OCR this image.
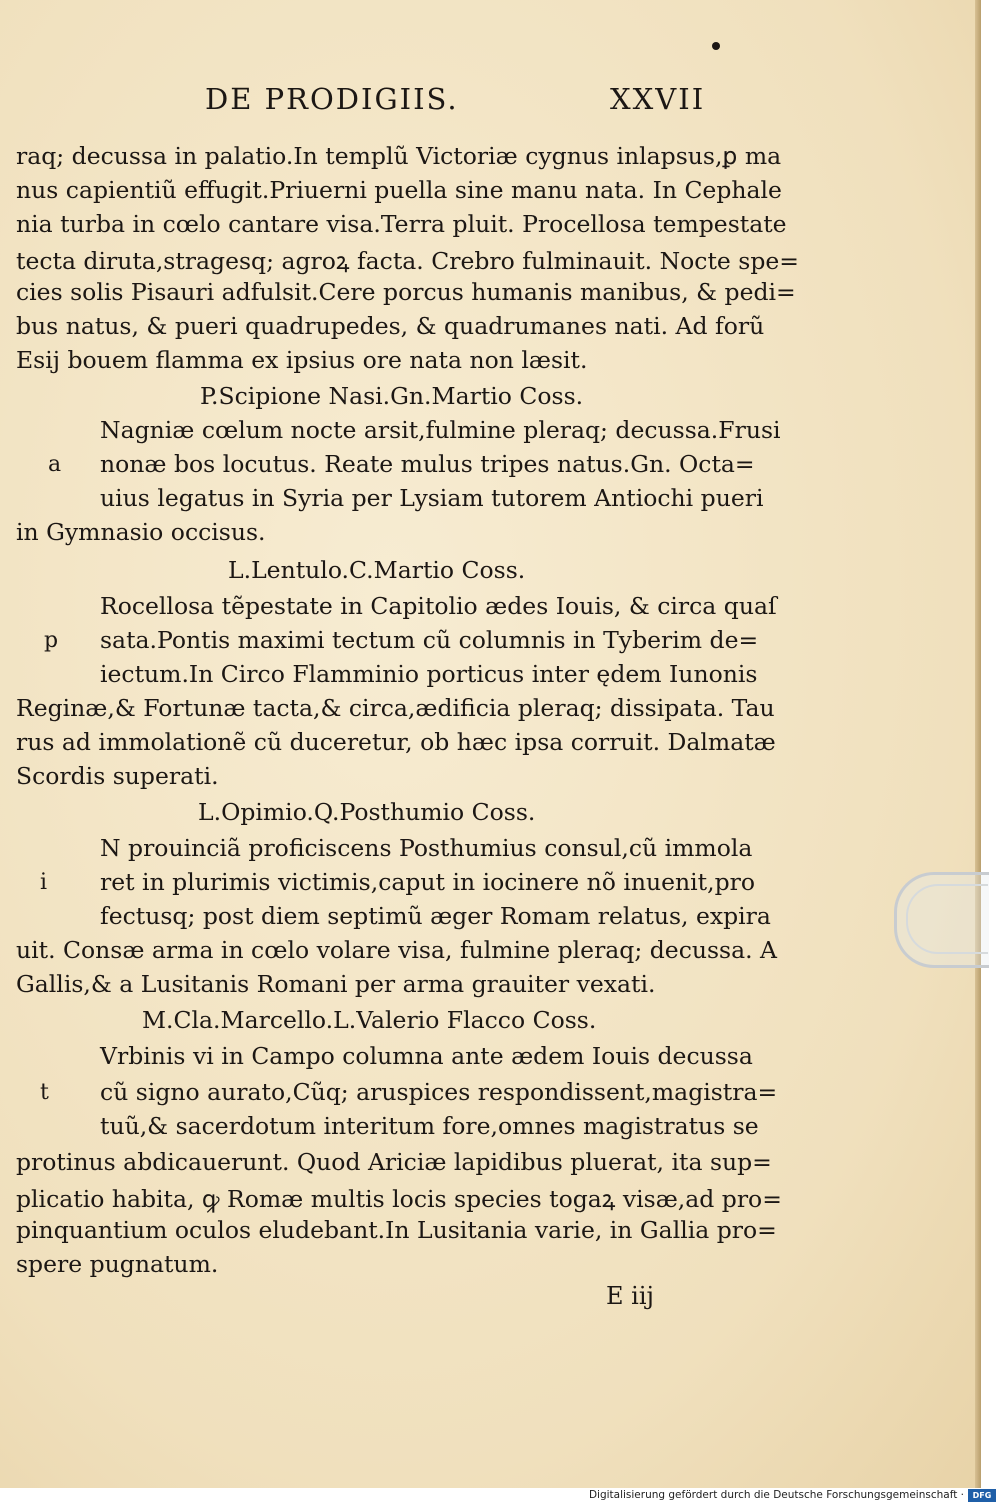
DE PRODIGIIS.	XXVII
raq; decussa in palatio.In templũ Victoriæ cygnus inlapsus,ꝑ ma
nus capientiũ effugit.Priuerni puella sine manu nata. In Cephale
nia turba in cœlo cantare visa.Terra pluit. Procellosa tempestate
tecta diruta,stragesq; agroꝝ facta. Crebro fulminauit. Nocte spe=
cies solis Pisauri adfulsit.Cere porcus humanis manibus, & pedi=
bus natus, & pueri quadrupedes, & quadrumanes nati. Ad forũ
Esij bouem flamma ex ipsius ore nata non læsit.
P.Scipione Nasi.Gn.Martio Coss.
a
Nagniæ cœlum nocte arsit,fulmine pleraq; decussa.Frusi
nonæ bos locutus. Reate mulus tripes natus.Gn. Octa=
uius legatus in Syria per Lysiam tutorem Antiochi pueri
in Gymnasio occisus.
L.Lentulo.C.Martio Coss.
p
Rocellosa tẽpestate in Capitolio ædes Iouis, & circa quaſ
sata.Pontis maximi tectum cũ columnis in Tyberim de=
iectum.In Circo Flamminio porticus inter ędem Iunonis
Reginæ,& Fortunæ tacta,& circa,ædificia pleraq; dissipata. Tau
rus ad immolationẽ cũ duceretur, ob hæc ipsa corruit. Dalmatæ
Scordis superati.
L.Opimio.Q.Posthumio Coss.
i
N prouinciã proficiscens Posthumius consul,cũ immola
ret in plurimis victimis,caput in iocinere nõ inuenit,pro
fectusq; post diem septimũ æger Romam relatus, expira
uit. Consæ arma in cœlo volare visa, fulmine pleraq; decussa. A
Gallis,& a Lusitanis Romani per arma grauiter vexati.
M.Cla.Marcello.L.Valerio Flacco Coss.
t
Vrbinis vi in Campo columna ante ædem Iouis decussa
cũ signo aurato,Cũq; aruspices respondissent,magistra=
tuũ,& sacerdotum interitum fore,omnes magistratus se
protinus abdicauerunt. Quod Ariciæ lapidibus pluerat, ita sup=
plicatio habita, ꝙ Romæ multis locis species togaꝝ visæ,ad pro=
pinquantium oculos eludebant.In Lusitania varie, in Gallia pro=
spere pugnatum.
E iij
Digitalisierung gefördert durch die Deutsche Forschungsgemeinschaft ·	DFG
